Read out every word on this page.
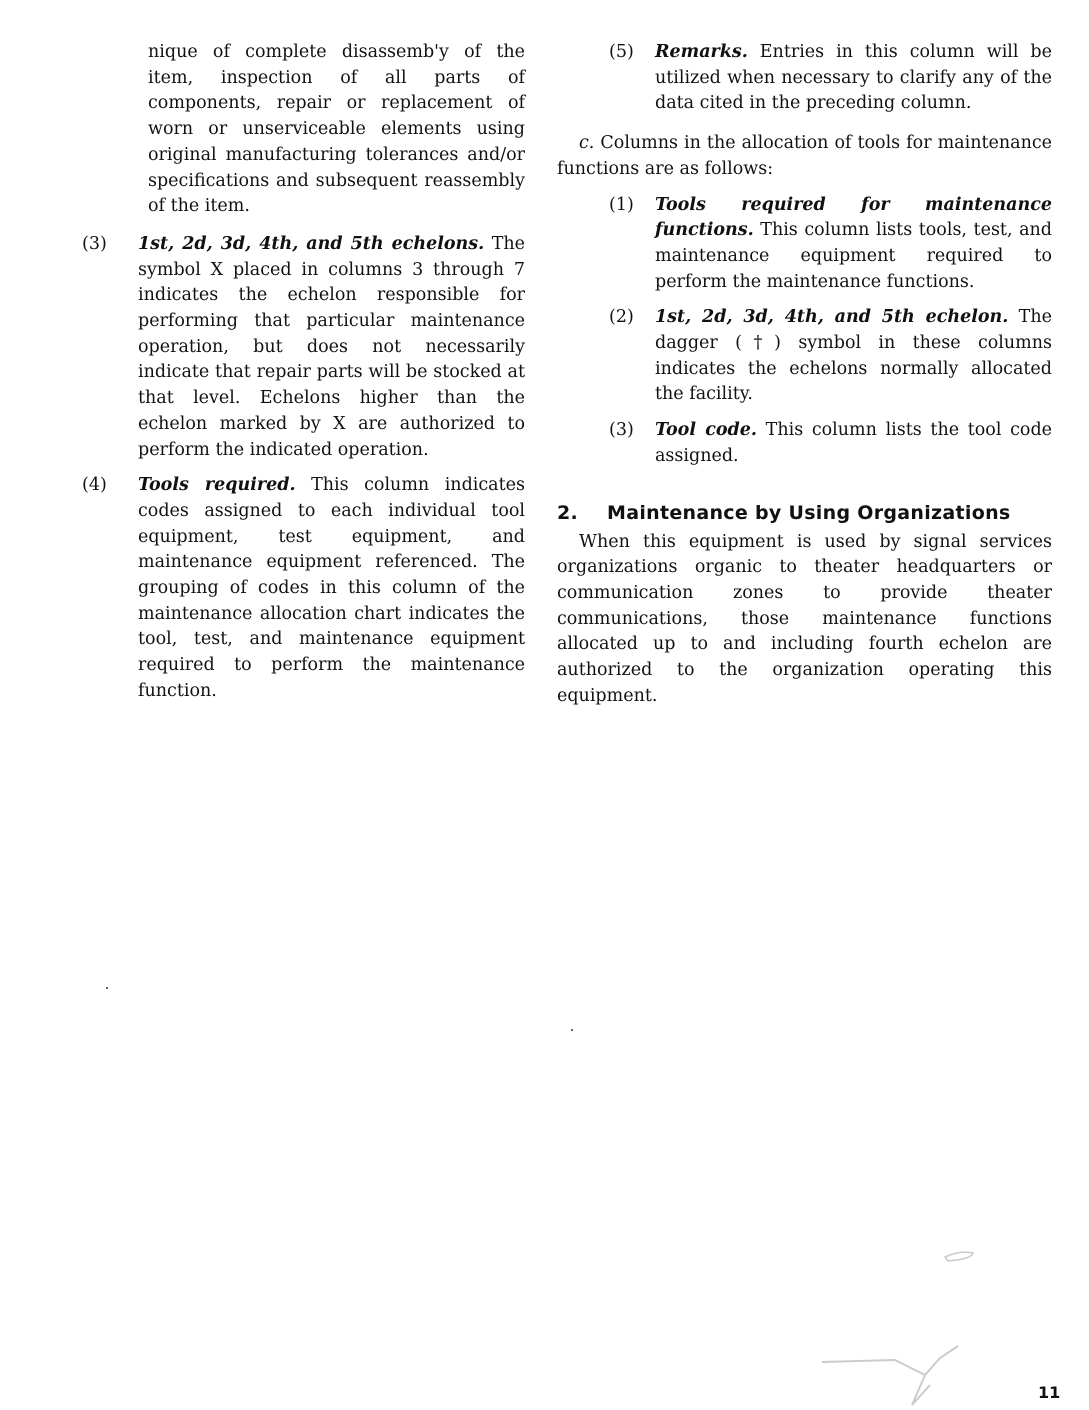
nique of complete disassemb'y of the item, inspection of all parts of components, repair or replacement of worn or unserviceable elements using original manufacturing tolerances and/or specifications and subsequent reassembly of the item.

(3)	1st, 2d, 3d, 4th, and 5th echelons. The symbol X placed in columns 3 through 7 indicates the echelon responsible for performing that particular maintenance operation, but does not necessarily indicate that repair parts will be stocked at that level. Echelons higher than the echelon marked by X are authorized to perform the indicated operation.
(4)	Tools required. This column indicates codes assigned to each individual tool equipment, test equipment, and maintenance equipment referenced. The grouping of codes in this column of the maintenance allocation chart indicates the tool, test, and maintenance equipment required to perform the maintenance function.
(5)	Remarks. Entries in this column will be utilized when necessary to clarify any of the data cited in the preceding column.

c. Columns in the allocation of tools for maintenance functions are as follows:

(1)	Tools required for maintenance functions. This column lists tools, test, and maintenance equipment required to perform the maintenance functions.
(2)	1st, 2d, 3d, 4th, and 5th echelon. The dagger (†) symbol in these columns indicates the echelons normally allocated the facility.
(3)	Tool code. This column lists the tool code assigned.
2. Maintenance by Using Organizations

When this equipment is used by signal services organizations organic to theater headquarters or communication zones to provide theater communications, those maintenance functions allocated up to and including fourth echelon are authorized to the organization operating this equipment.

11
